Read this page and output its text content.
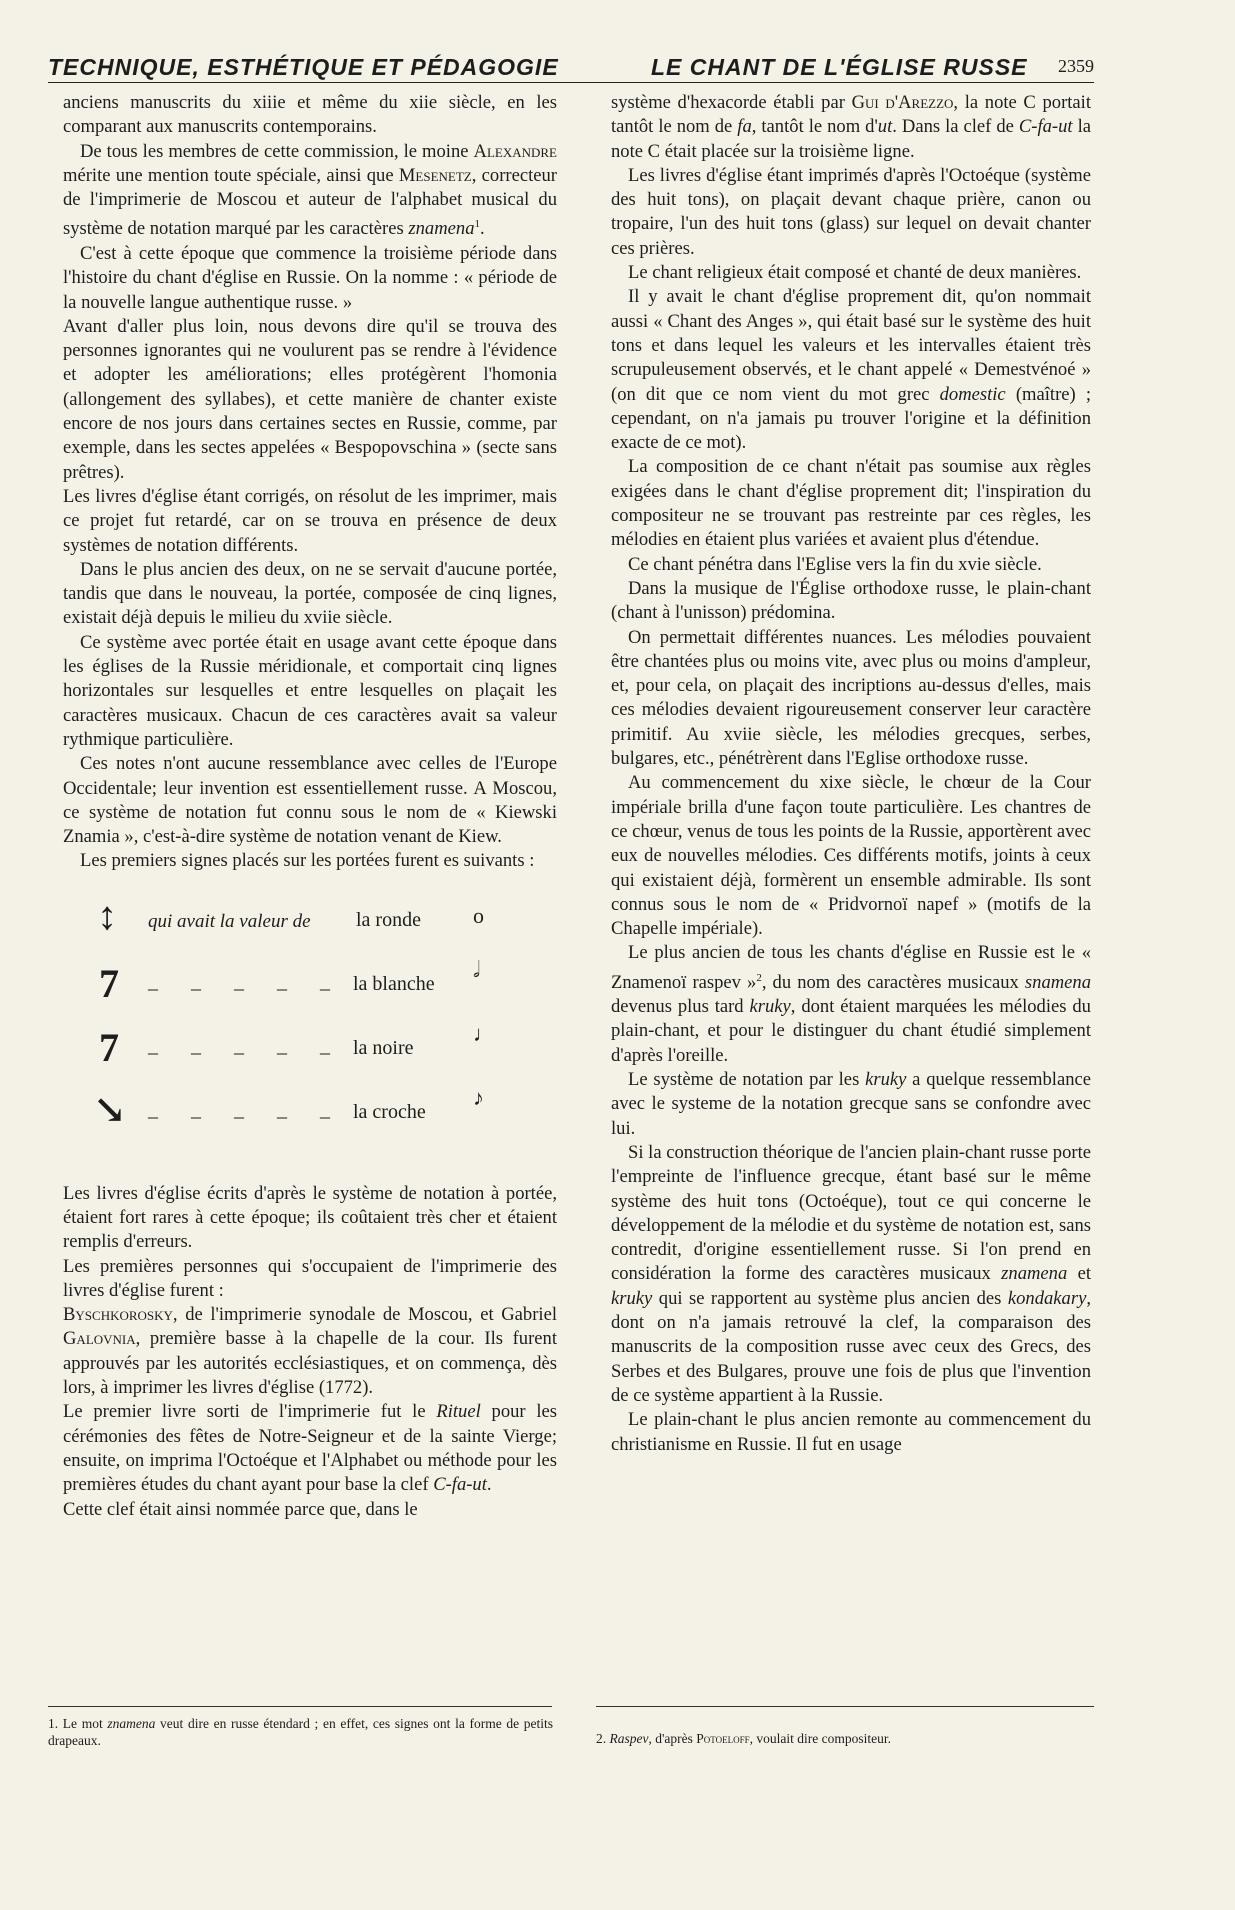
TECHNIQUE, ESTHÉTIQUE ET PÉDAGOGIE	LE CHANT DE L'ÉGLISE RUSSE 2359

anciens manuscrits du xiiie et même du xiie siècle, en les comparant aux manuscrits contemporains.

De tous les membres de cette commission, le moine Alexandre mérite une mention toute spéciale, ainsi que Mesenetz, correcteur de l'imprimerie de Moscou et auteur de l'alphabet musical du système de notation marqué par les caractères znamena$^1$.

C'est à cette époque que commence la troisième période dans l'histoire du chant d'église en Russie. On la nomme : « période de la nouvelle langue authentique russe. »

Avant d'aller plus loin, nous devons dire qu'il se trouva des personnes ignorantes qui ne voulurent pas se rendre à l'évidence et adopter les améliorations; elles protégèrent l'homonia (allongement des syllabes), et cette manière de chanter existe encore de nos jours dans certaines sectes en Russie, comme, par exemple, dans les sectes appelées « Bespopovschina » (secte sans prêtres).

Les livres d'église étant corrigés, on résolut de les imprimer, mais ce projet fut retardé, car on se trouva en présence de deux systèmes de notation différents.

Dans le plus ancien des deux, on ne se servait d'aucune portée, tandis que dans le nouveau, la portée, composée de cinq lignes, existait déjà depuis le milieu du xviie siècle.

Ce système avec portée était en usage avant cette époque dans les églises de la Russie méridionale, et comportait cinq lignes horizontales sur lesquelles et entre lesquelles on plaçait les caractères musicaux. Chacun de ces caractères avait sa valeur rythmique particulière.

Ces notes n'ont aucune ressemblance avec celles de l'Europe Occidentale; leur invention est essentiellement russe. A Moscou, ce système de notation fut connu sous le nom de « Kiewski Znamia », c'est-à-dire système de notation venant de Kiew.

Les premiers signes placés sur les portées furent es suivants :

↕ qui avait la valeur de la ronde o
7 _ _ _ _ _ la blanche
𝅗𝅥
7 _ _ _ _ _ la noire
♩
↘ _ _ _ _ _ la croche
♪

Les livres d'église écrits d'après le système de notation à portée, étaient fort rares à cette époque; ils coûtaient très cher et étaient remplis d'erreurs.

Les premières personnes qui s'occupaient de l'imprimerie des livres d'église furent :

Byschkorosky, de l'imprimerie synodale de Moscou, et Gabriel Galovnia, première basse à la chapelle de la cour. Ils furent approuvés par les autorités ecclésiastiques, et on commença, dès lors, à imprimer les livres d'église (1772).

Le premier livre sorti de l'imprimerie fut le Rituel pour les cérémonies des fêtes de Notre-Seigneur et de la sainte Vierge; ensuite, on imprima l'Octoéque et l'Alphabet ou méthode pour les premières études du chant ayant pour base la clef C-fa-ut.

Cette clef était ainsi nommée parce que, dans le

1. Le mot znamena veut dire en russe étendard ; en effet, ces signes ont la forme de petits drapeaux.

système d'hexacorde établi par Gui d'Arezzo, la note C portait tantôt le nom de fa, tantôt le nom d'ut. Dans la clef de C-fa-ut la note C était placée sur la troisième ligne.

Les livres d'église étant imprimés d'après l'Octoéque (système des huit tons), on plaçait devant chaque prière, canon ou tropaire, l'un des huit tons (glass) sur lequel on devait chanter ces prières.

Le chant religieux était composé et chanté de deux manières.

Il y avait le chant d'église proprement dit, qu'on nommait aussi « Chant des Anges », qui était basé sur le système des huit tons et dans lequel les valeurs et les intervalles étaient très scrupuleusement observés, et le chant appelé « Demestvénoé » (on dit que ce nom vient du mot grec domestic (maître) ; cependant, on n'a jamais pu trouver l'origine et la définition exacte de ce mot).

La composition de ce chant n'était pas soumise aux règles exigées dans le chant d'église proprement dit; l'inspiration du compositeur ne se trouvant pas restreinte par ces règles, les mélodies en étaient plus variées et avaient plus d'étendue.

Ce chant pénétra dans l'Eglise vers la fin du xvie siècle.

Dans la musique de l'Église orthodoxe russe, le plain-chant (chant à l'unisson) prédomina.

On permettait différentes nuances. Les mélodies pouvaient être chantées plus ou moins vite, avec plus ou moins d'ampleur, et, pour cela, on plaçait des incriptions au-dessus d'elles, mais ces mélodies devaient rigoureusement conserver leur caractère primitif. Au xviie siècle, les mélodies grecques, serbes, bulgares, etc., pénétrèrent dans l'Eglise orthodoxe russe.

Au commencement du xixe siècle, le chœur de la Cour impériale brilla d'une façon toute particulière. Les chantres de ce chœur, venus de tous les points de la Russie, apportèrent avec eux de nouvelles mélodies. Ces différents motifs, joints à ceux qui existaient déjà, formèrent un ensemble admirable. Ils sont connus sous le nom de « Pridvornoï napef » (motifs de la Chapelle impériale).

Le plus ancien de tous les chants d'église en Russie est le « Znamenoï raspev »$^2$, du nom des caractères musicaux snamena devenus plus tard kruky, dont étaient marquées les mélodies du plain-chant, et pour le distinguer du chant étudié simplement d'après l'oreille.

Le système de notation par les kruky a quelque ressemblance avec le systeme de la notation grecque sans se confondre avec lui.

Si la construction théorique de l'ancien plain-chant russe porte l'empreinte de l'influence grecque, étant basé sur le même système des huit tons (Octoéque), tout ce qui concerne le développement de la mélodie et du système de notation est, sans contredit, d'origine essentiellement russe. Si l'on prend en considération la forme des caractères musicaux znamena et kruky qui se rapportent au système plus ancien des kondakary, dont on n'a jamais retrouvé la clef, la comparaison des manuscrits de la composition russe avec ceux des Grecs, des Serbes et des Bulgares, prouve une fois de plus que l'invention de ce système appartient à la Russie.

Le plain-chant le plus ancien remonte au commencement du christianisme en Russie. Il fut en usage

2. Raspev, d'après Potoeloff, voulait dire compositeur.
